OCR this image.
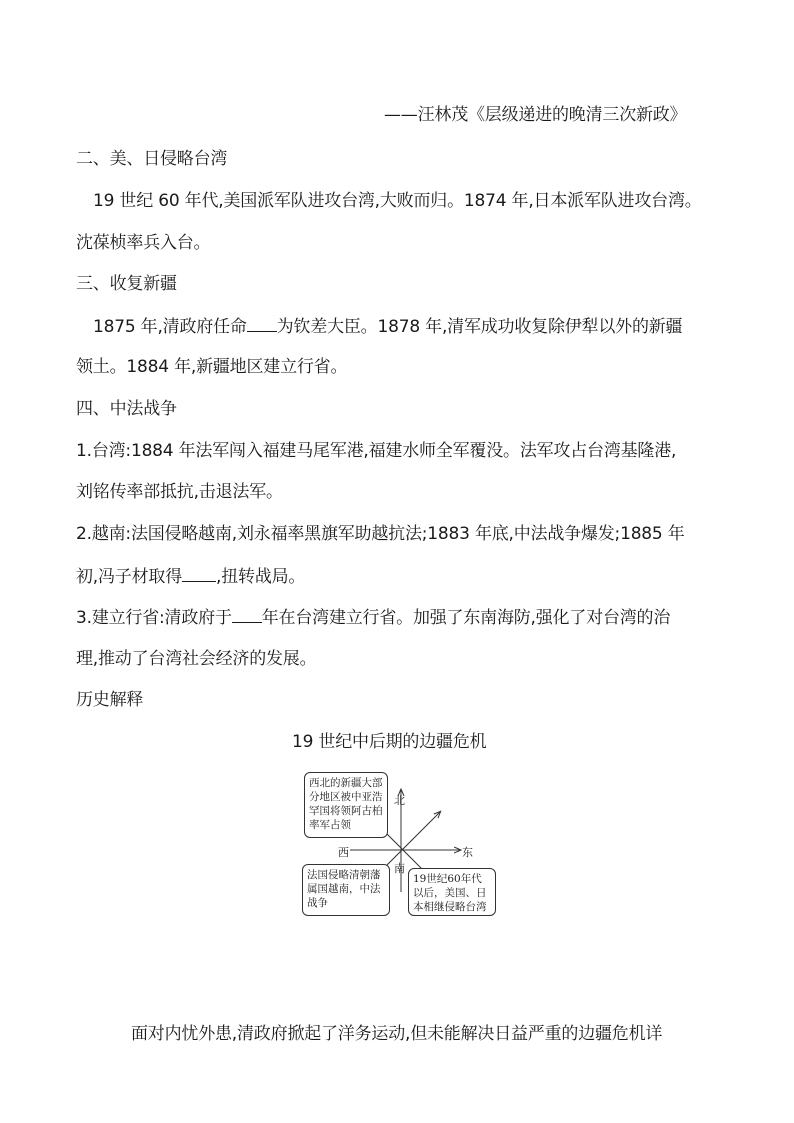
——汪林茂《层级递进的晚清三次新政》
二、美、日侵略台湾
19 世纪 60 年代,美国派军队进攻台湾,大败而归。1874 年,日本派军队进攻台湾。
沈葆桢率兵入台。
三、收复新疆
1875 年,清政府任命 为钦差大臣。1878 年,清军成功收复除伊犁以外的新疆
领土。1884 年,新疆地区建立行省。
四、中法战争
1.台湾:1884 年法军闯入福建马尾军港,福建水师全军覆没。法军攻占台湾基隆港,
刘铭传率部抵抗,击退法军。
2.越南:法国侵略越南,刘永福率黑旗军助越抗法;1883 年底,中法战争爆发;1885 年
初,冯子材取得 ,扭转战局。
3.建立行省:清政府于 年在台湾建立行省。加强了东南海防,强化了对台湾的治
理,推动了台湾社会经济的发展。
历史解释
19 世纪中后期的边疆危机
西北的新疆大部分地区被中亚浩罕国将领阿古柏率军占领
法国侵略清朝藩属国越南，中法战争
19世纪60年代以后，美国、日本相继侵略台湾
北
南
东
西
面对内忧外患,清政府掀起了洋务运动,但未能解决日益严重的边疆危机详
